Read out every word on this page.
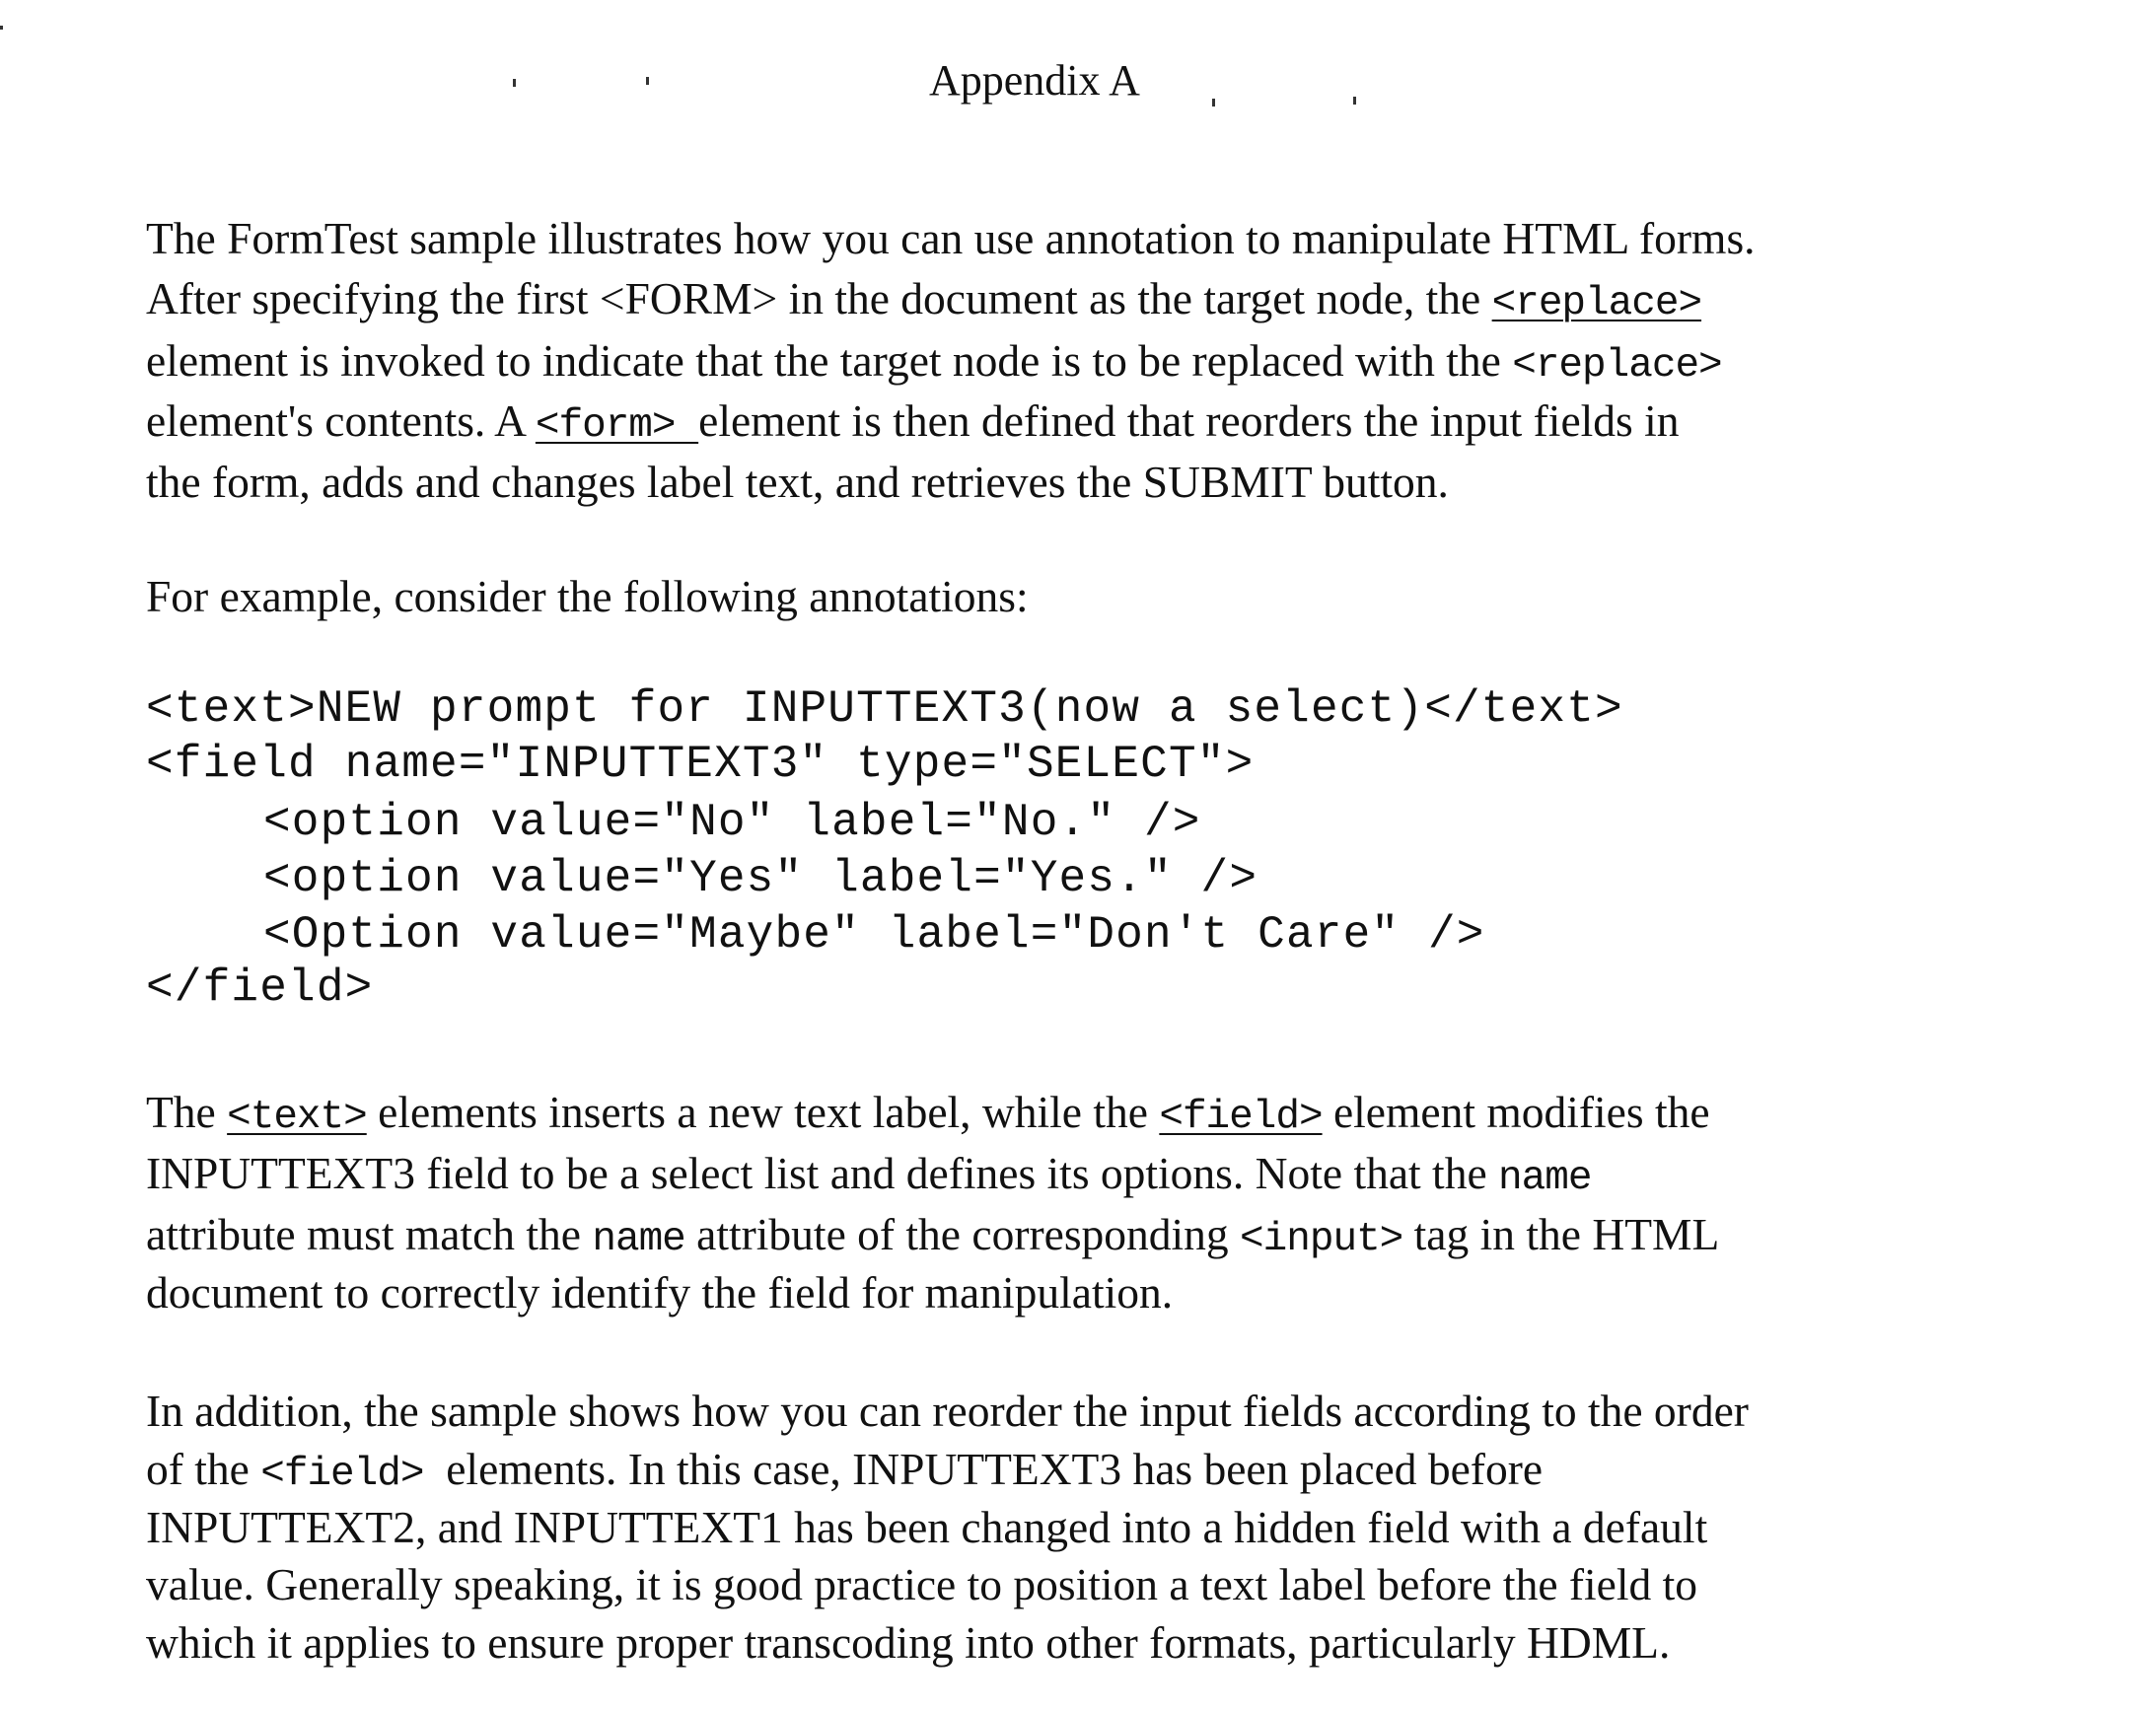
Appendix A
The FormTest sample illustrates how you can use annotation to manipulate HTML forms.
After specifying the first <FORM> in the document as the target node, the <replace>
element is invoked to indicate that the target node is to be replaced with the <replace>
element's contents. A <form> element is then defined that reorders the input fields in
the form, adds and changes label text, and retrieves the SUBMIT button.
For example, consider the following annotations:
The <text> elements inserts a new text label, while the <field> element modifies the
INPUTTEXT3 field to be a select list and defines its options. Note that the name
attribute must match the name attribute of the corresponding <input> tag in the HTML
document to correctly identify the field for manipulation.
In addition, the sample shows how you can reorder the input fields according to the order
of the <field>  elements. In this case, INPUTTEXT3 has been placed before
INPUTTEXT2, and INPUTTEXT1 has been changed into a hidden field with a default
value. Generally speaking, it is good practice to position a text label before the field to
which it applies to ensure proper transcoding into other formats, particularly HDML.
<text>NEW prompt for INPUTTEXT3(now a select)</text>
<field name="INPUTTEXT3" type="SELECT">
<option value="No" label="No." />
<option value="Yes" label="Yes." />
<Option value="Maybe" label="Don't Care" />
</field>
